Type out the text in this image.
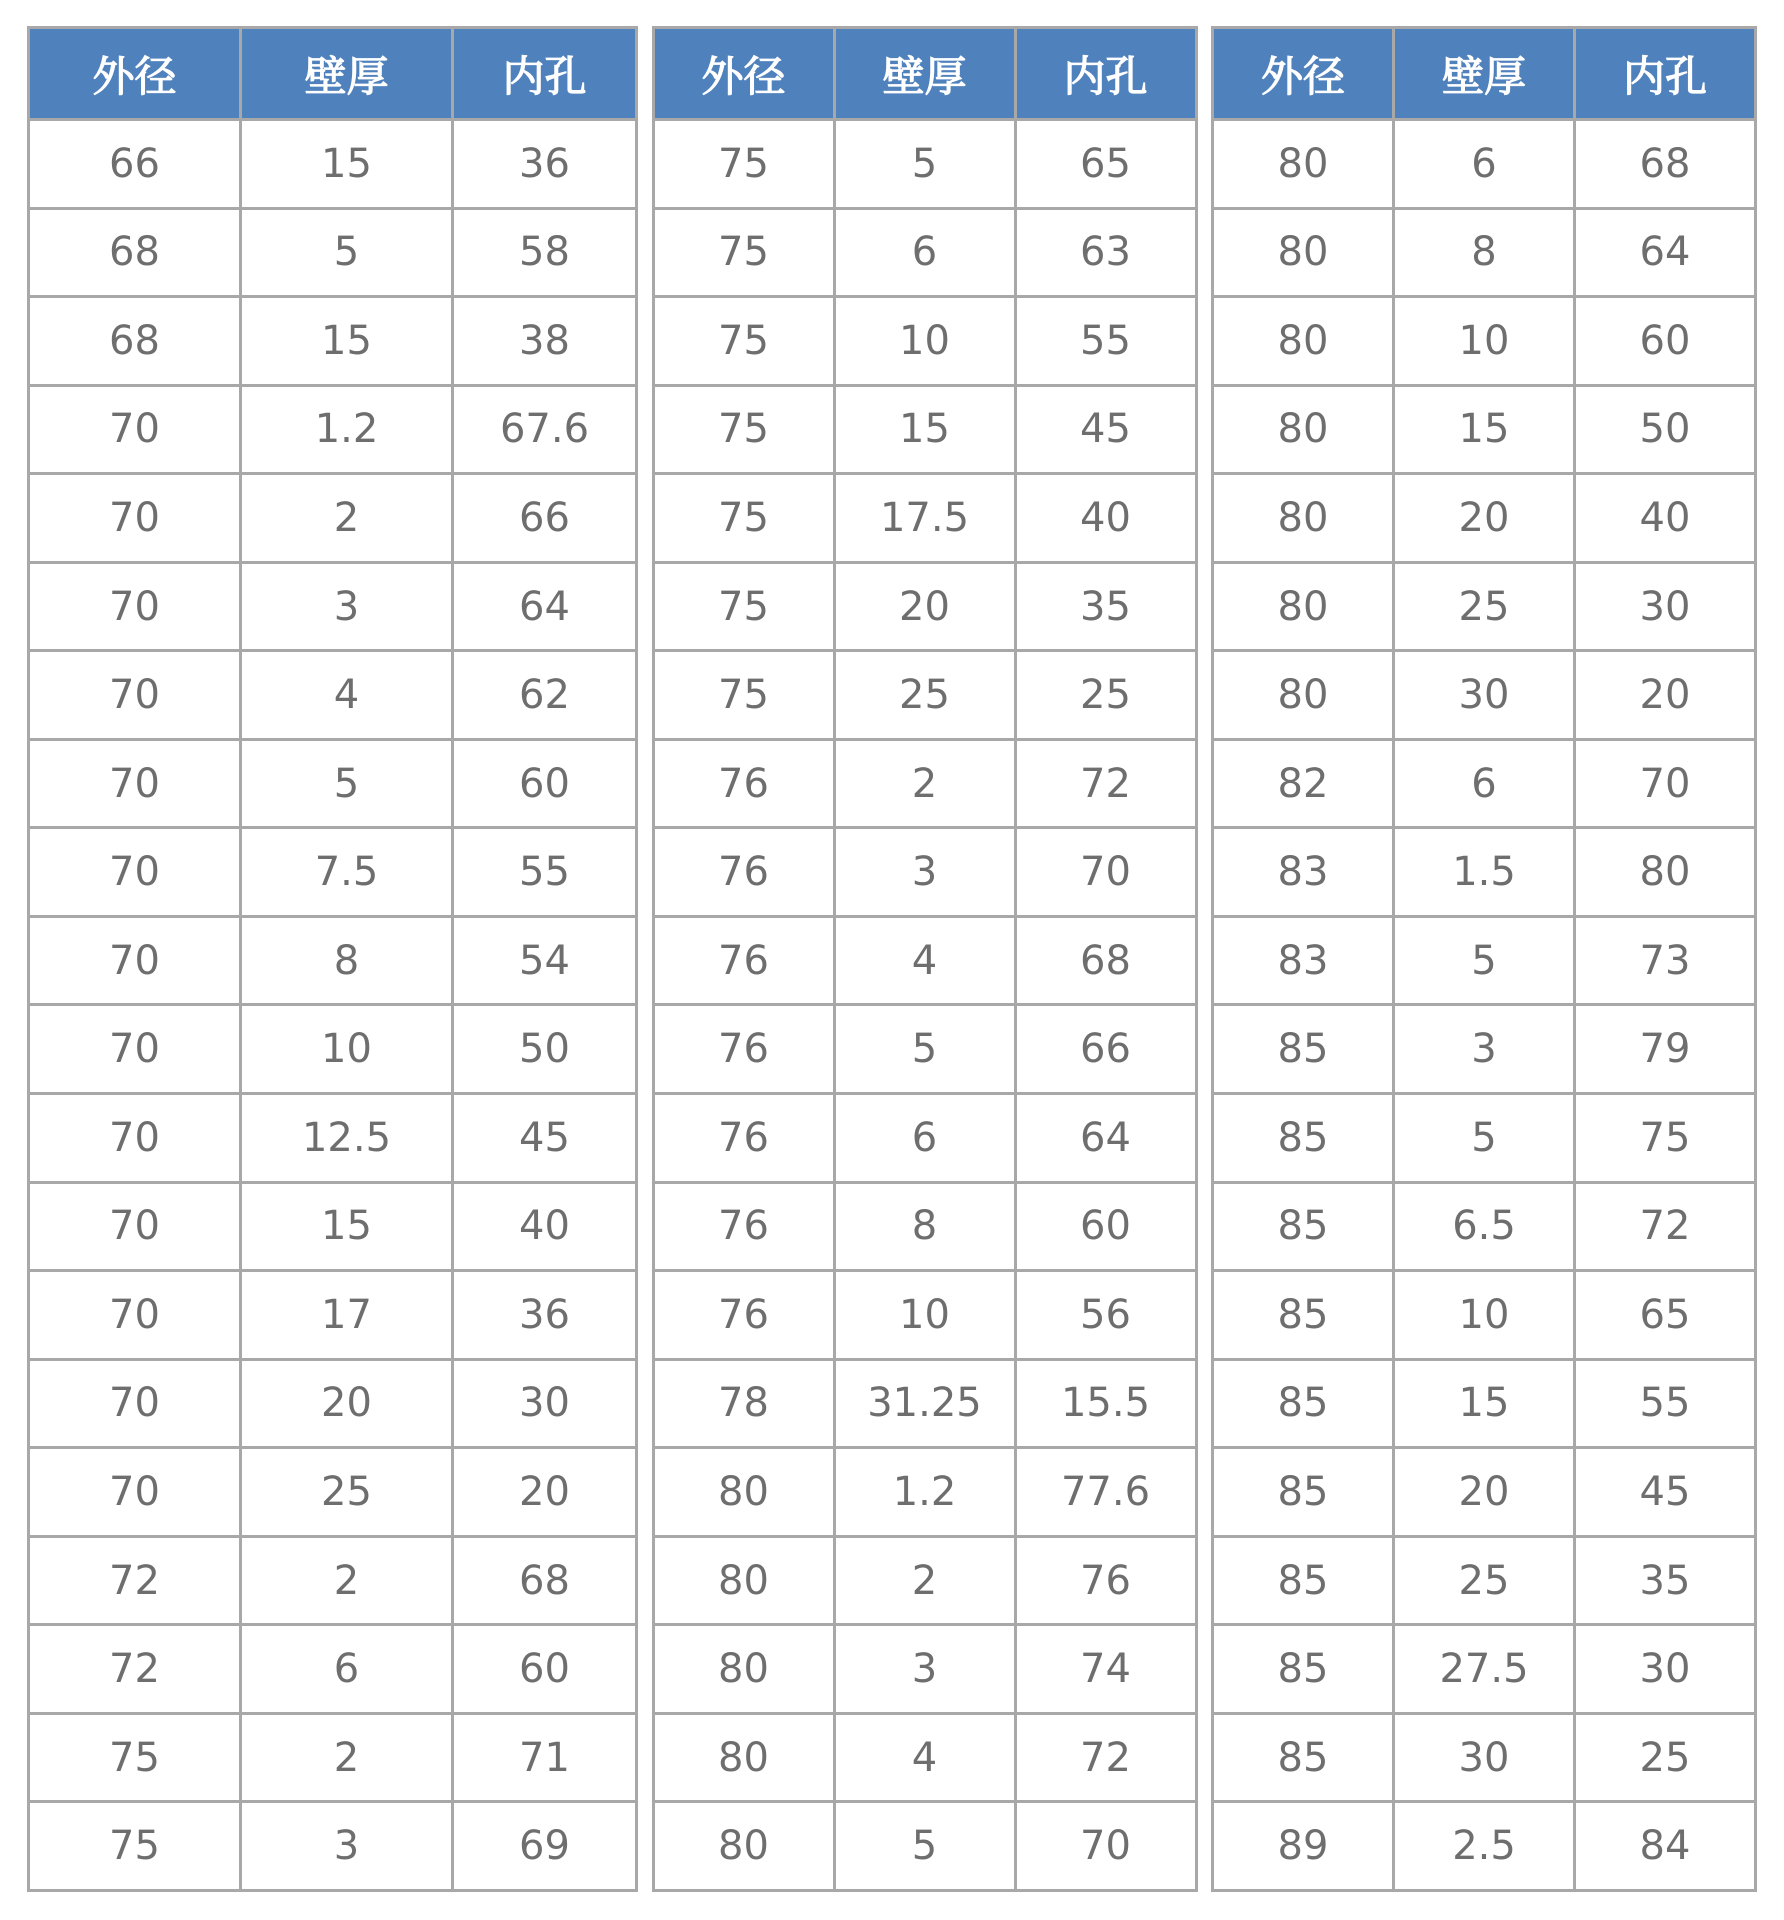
外径	壁厚	内孔
66	15	36
68	5	58
68	15	38
70	1.2	67.6
70	2	66
70	3	64
70	4	62
70	5	60
70	7.5	55
70	8	54
70	10	50
70	12.5	45
70	15	40
70	17	36
70	20	30
70	25	20
72	2	68
72	6	60
75	2	71
75	3	69
外径	壁厚	内孔
75	5	65
75	6	63
75	10	55
75	15	45
75	17.5	40
75	20	35
75	25	25
76	2	72
76	3	70
76	4	68
76	5	66
76	6	64
76	8	60
76	10	56
78	31.25	15.5
80	1.2	77.6
80	2	76
80	3	74
80	4	72
80	5	70
外径	壁厚	内孔
80	6	68
80	8	64
80	10	60
80	15	50
80	20	40
80	25	30
80	30	20
82	6	70
83	1.5	80
83	5	73
85	3	79
85	5	75
85	6.5	72
85	10	65
85	15	55
85	20	45
85	25	35
85	27.5	30
85	30	25
89	2.5	84
